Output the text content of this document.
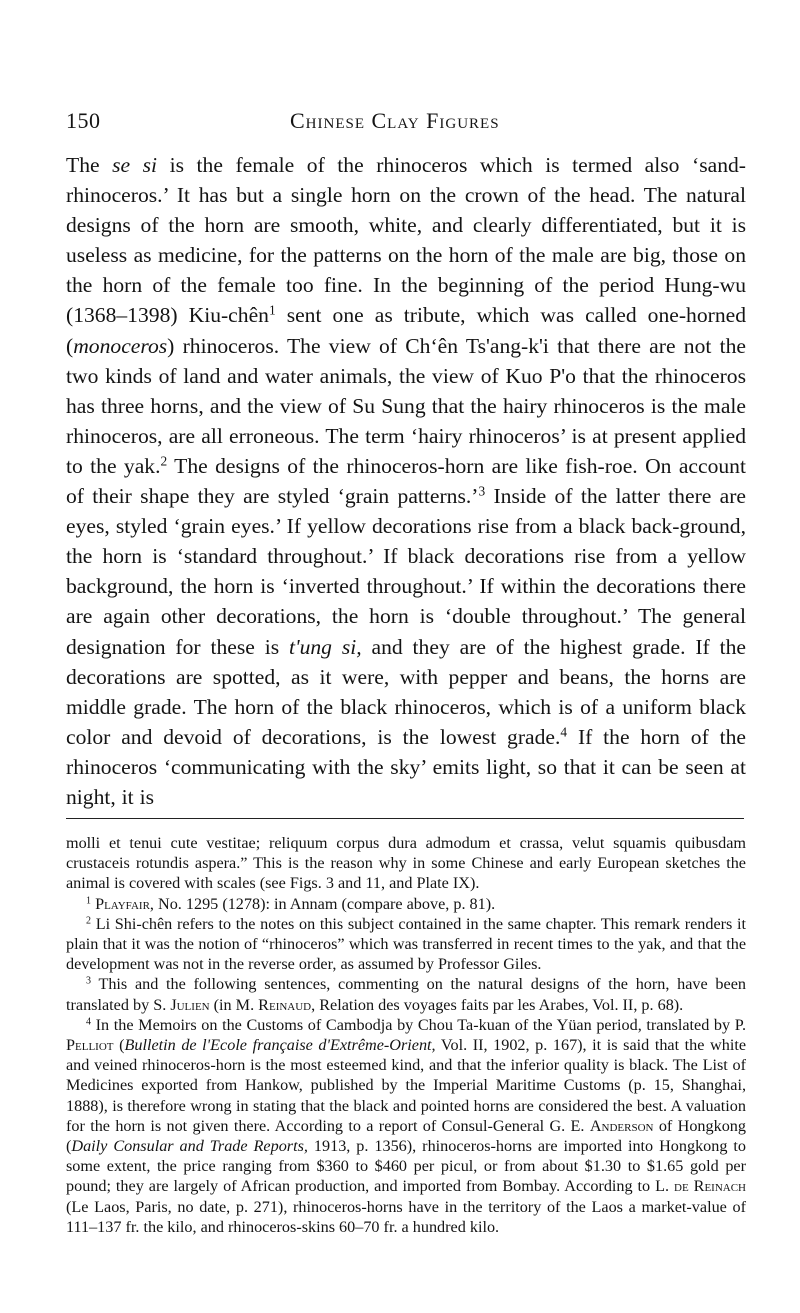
150	Chinese Clay Figures

The se si is the female of the rhinoceros which is termed also ‘sand-rhinoceros.’ It has but a single horn on the crown of the head. The natural designs of the horn are smooth, white, and clearly differentiated, but it is useless as medicine, for the patterns on the horn of the male are big, those on the horn of the female too fine. In the beginning of the period Hung-wu (1368–1398) Kiu-chên$^1$ sent one as tribute, which was called one-horned (monoceros) rhinoceros. The view of Chʻên Ts'ang-k'i that there are not the two kinds of land and water animals, the view of Kuo P'o that the rhinoceros has three horns, and the view of Su Sung that the hairy rhinoceros is the male rhinoceros, are all erroneous. The term ‘hairy rhinoceros’ is at present applied to the yak.$^2$ The designs of the rhinoceros-horn are like fish-roe. On account of their shape they are styled ‘grain patterns.’$^3$ Inside of the latter there are eyes, styled ‘grain eyes.’ If yellow decorations rise from a black back-ground, the horn is ‘standard throughout.’ If black decorations rise from a yellow background, the horn is ‘inverted throughout.’ If within the decorations there are again other decorations, the horn is ‘double throughout.’ The general designation for these is t'ung si, and they are of the highest grade. If the decorations are spotted, as it were, with pepper and beans, the horns are middle grade. The horn of the black rhinoceros, which is of a uniform black color and devoid of decorations, is the lowest grade.$^4$ If the horn of the rhinoceros ‘communicating with the sky’ emits light, so that it can be seen at night, it is

molli et tenui cute vestitae; reliquum corpus dura admodum et crassa, velut squamis quibusdam crustaceis rotundis aspera.” This is the reason why in some Chinese and early European sketches the animal is covered with scales (see Figs. 3 and 11, and Plate IX).

$^1$ Playfair, No. 1295 (1278): in Annam (compare above, p. 81).

$^2$ Li Shi-chên refers to the notes on this subject contained in the same chapter. This remark renders it plain that it was the notion of “rhinoceros” which was transferred in recent times to the yak, and that the development was not in the reverse order, as assumed by Professor Giles.

$^3$ This and the following sentences, commenting on the natural designs of the horn, have been translated by S. Julien (in M. Reinaud, Relation des voyages faits par les Arabes, Vol. II, p. 68).

$^4$ In the Memoirs on the Customs of Cambodja by Chou Ta-kuan of the Yüan period, translated by P. Pelliot (Bulletin de l'Ecole française d'Extrême-Orient, Vol. II, 1902, p. 167), it is said that the white and veined rhinoceros-horn is the most esteemed kind, and that the inferior quality is black. The List of Medicines exported from Hankow, published by the Imperial Maritime Customs (p. 15, Shanghai, 1888), is therefore wrong in stating that the black and pointed horns are considered the best. A valuation for the horn is not given there. According to a report of Consul-General G. E. Anderson of Hongkong (Daily Consular and Trade Reports, 1913, p. 1356), rhinoceros-horns are imported into Hongkong to some extent, the price ranging from $360 to $460 per picul, or from about $1.30 to $1.65 gold per pound; they are largely of African production, and imported from Bombay. According to L. de Reinach (Le Laos, Paris, no date, p. 271), rhinoceros-horns have in the territory of the Laos a market-value of 111–137 fr. the kilo, and rhinoceros-skins 60–70 fr. a hundred kilo.
